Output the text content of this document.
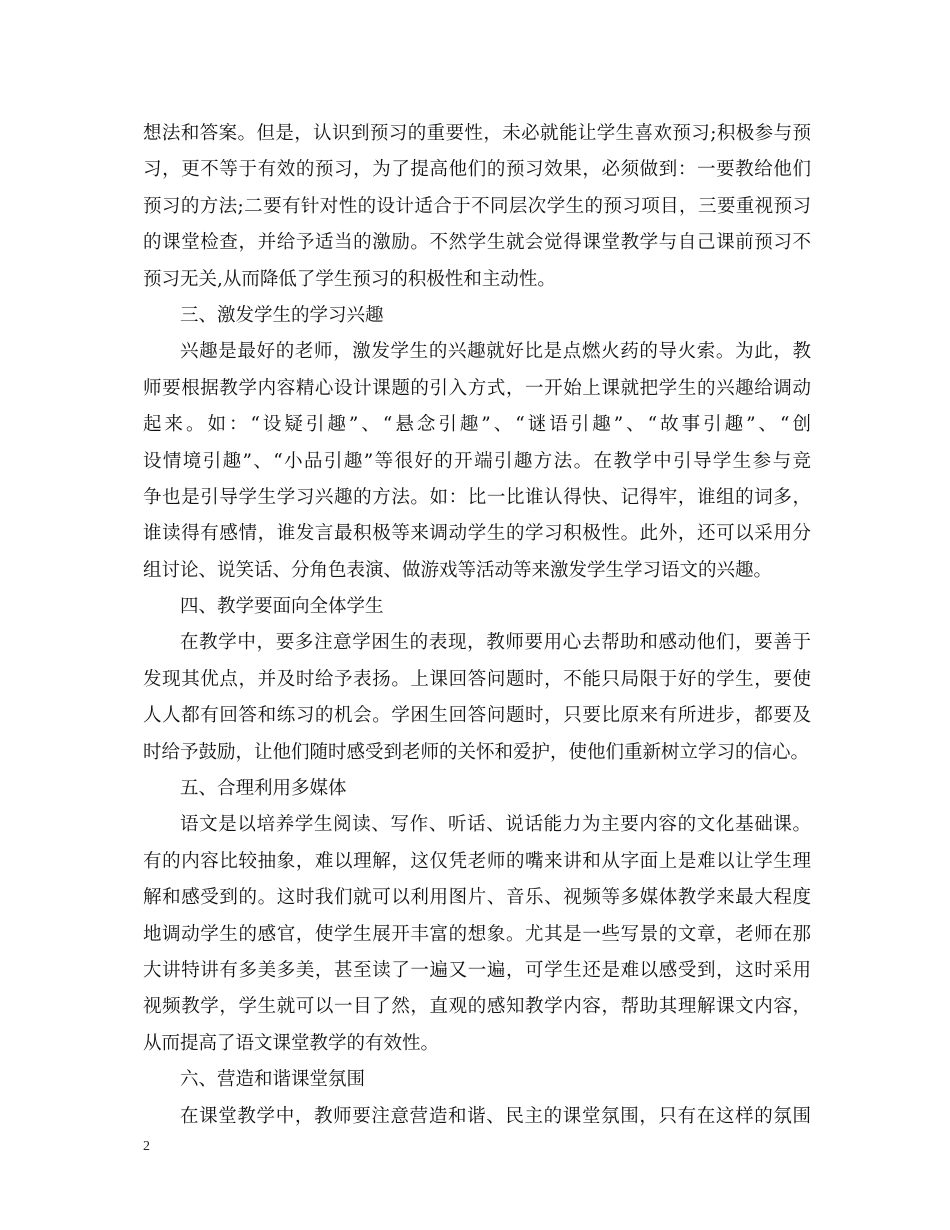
想法和答案。但是，认识到预习的重要性，未必就能让学生喜欢预习;积极参与预
习，更不等于有效的预习，为了提高他们的预习效果，必须做到：一要教给他们
预习的方法;二要有针对性的设计适合于不同层次学生的预习项目，三要重视预习
的课堂检查，并给予适当的激励。不然学生就会觉得课堂教学与自己课前预习不
预习无关,从而降低了学生预习的积极性和主动性。
三、激发学生的学习兴趣
兴趣是最好的老师，激发学生的兴趣就好比是点燃火药的导火索。为此，教
师要根据教学内容精心设计课题的引入方式，一开始上课就把学生的兴趣给调动
起来。如：“设疑引趣”、“悬念引趣”、“谜语引趣”、“故事引趣”、“创
设情境引趣”、“小品引趣”等很好的开端引趣方法。在教学中引导学生参与竞
争也是引导学生学习兴趣的方法。如：比一比谁认得快、记得牢，谁组的词多，
谁读得有感情，谁发言最积极等来调动学生的学习积极性。此外，还可以采用分
组讨论、说笑话、分角色表演、做游戏等活动等来激发学生学习语文的兴趣。
四、教学要面向全体学生
在教学中，要多注意学困生的表现，教师要用心去帮助和感动他们，要善于
发现其优点，并及时给予表扬。上课回答问题时，不能只局限于好的学生，要使
人人都有回答和练习的机会。学困生回答问题时，只要比原来有所进步，都要及
时给予鼓励，让他们随时感受到老师的关怀和爱护，使他们重新树立学习的信心。
五、合理利用多媒体
语文是以培养学生阅读、写作、听话、说话能力为主要内容的文化基础课。
有的内容比较抽象，难以理解，这仅凭老师的嘴来讲和从字面上是难以让学生理
解和感受到的。这时我们就可以利用图片、音乐、视频等多媒体教学来最大程度
地调动学生的感官，使学生展开丰富的想象。尤其是一些写景的文章，老师在那
大讲特讲有多美多美，甚至读了一遍又一遍，可学生还是难以感受到，这时采用
视频教学，学生就可以一目了然，直观的感知教学内容，帮助其理解课文内容，
从而提高了语文课堂教学的有效性。
六、营造和谐课堂氛围
在课堂教学中，教师要注意营造和谐、民主的课堂氛围，只有在这样的氛围
2
